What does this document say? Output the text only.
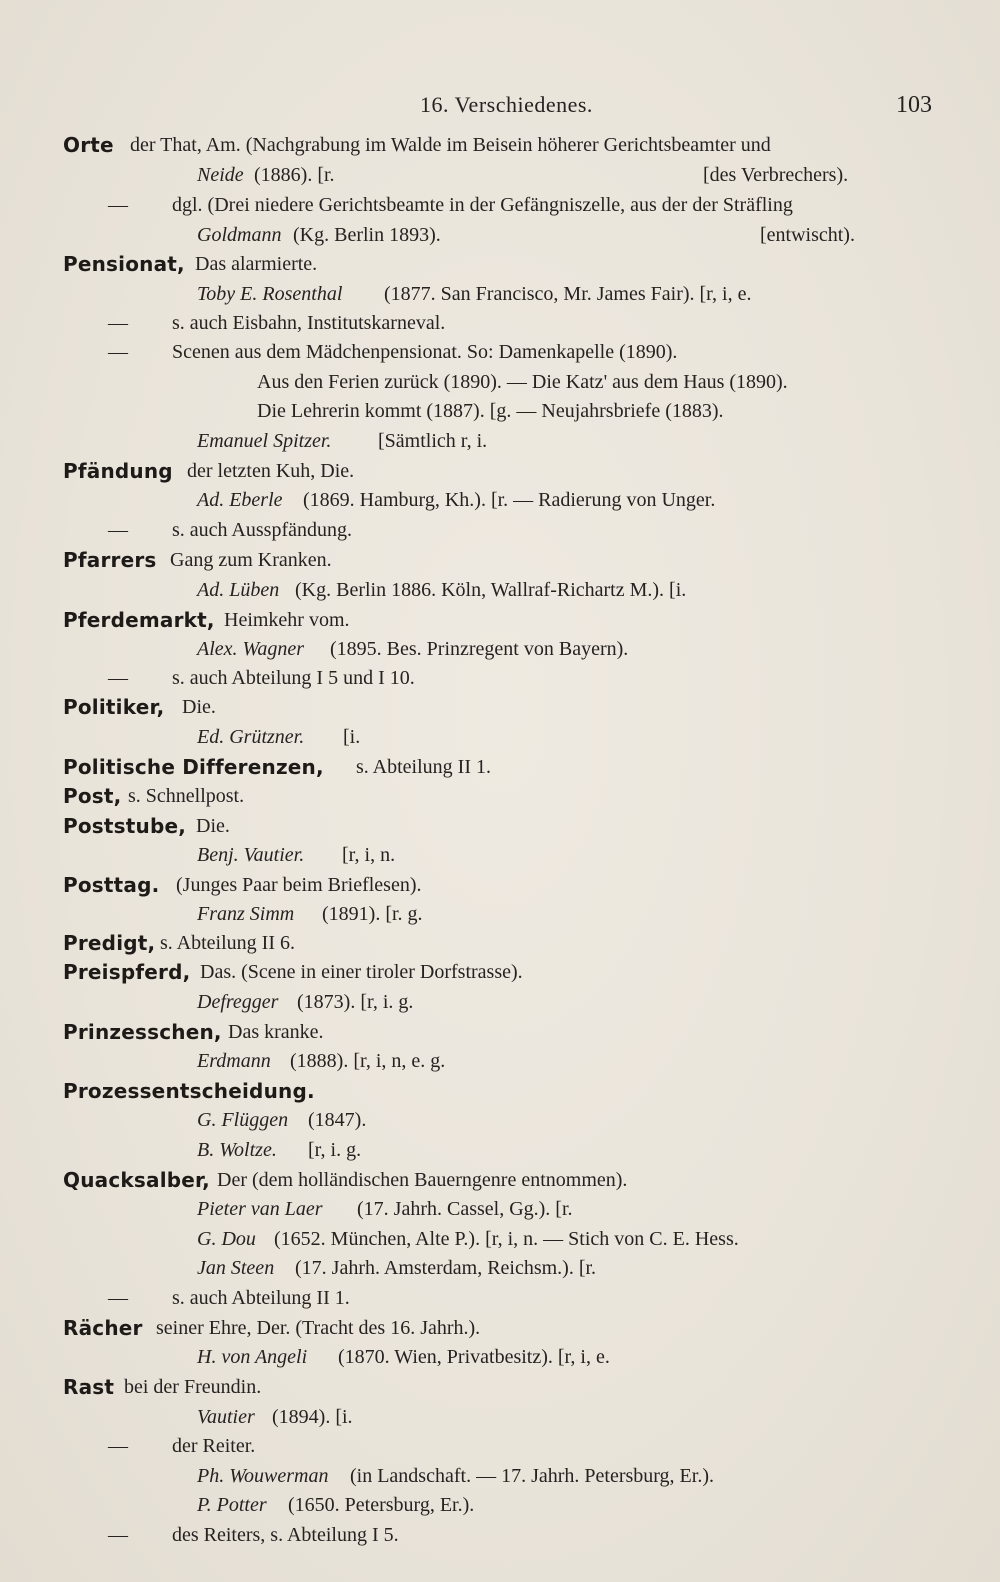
16. Verschiedenes.	103
Orte der That, Am. (Nachgrabung im Walde im Beisein höherer Gerichtsbeamter und
Neide (1886). [r.	[des Verbrechers).
— dgl. (Drei niedere Gerichtsbeamte in der Gefängniszelle, aus der der Sträfling
Goldmann (Kg. Berlin 1893).	[entwischt).
Pensionat, Das alarmierte.
Toby E. Rosenthal (1877. San Francisco, Mr. James Fair). [r, i, e.
— s. auch Eisbahn, Institutskarneval.
— Scenen aus dem Mädchenpensionat. So: Damenkapelle (1890).
Aus den Ferien zurück (1890). — Die Katz' aus dem Haus (1890).
Die Lehrerin kommt (1887). [g. — Neujahrsbriefe (1883).
Emanuel Spitzer. [Sämtlich r, i.
Pfändung der letzten Kuh, Die.
Ad. Eberle (1869. Hamburg, Kh.). [r. — Radierung von Unger.
— s. auch Ausspfändung.
Pfarrers Gang zum Kranken.
Ad. Lüben (Kg. Berlin 1886. Köln, Wallraf-Richartz M.). [i.
Pferdemarkt, Heimkehr vom.
Alex. Wagner (1895. Bes. Prinzregent von Bayern).
— s. auch Abteilung I 5 und I 10.
Politiker, Die.
Ed. Grützner. [i.
Politische Differenzen, s. Abteilung II 1.
Post, s. Schnellpost.
Poststube, Die.
Benj. Vautier. [r, i, n.
Posttag. (Junges Paar beim Brieflesen).
Franz Simm (1891). [r. g.
Predigt, s. Abteilung II 6.
Preispferd, Das. (Scene in einer tiroler Dorfstrasse).
Defregger (1873). [r, i. g.
Prinzesschen, Das kranke.
Erdmann (1888). [r, i, n, e. g.
Prozessentscheidung.
G. Flüggen (1847).
B. Woltze. [r, i. g.
Quacksalber, Der (dem holländischen Bauerngenre entnommen).
Pieter van Laer (17. Jahrh. Cassel, Gg.). [r.
G. Dou (1652. München, Alte P.). [r, i, n. — Stich von C. E. Hess.
Jan Steen (17. Jahrh. Amsterdam, Reichsm.). [r.
— s. auch Abteilung II 1.
Rächer seiner Ehre, Der. (Tracht des 16. Jahrh.).
H. von Angeli (1870. Wien, Privatbesitz). [r, i, e.
Rast bei der Freundin.
Vautier (1894). [i.
— der Reiter.
Ph. Wouwerman (in Landschaft. — 17. Jahrh. Petersburg, Er.).
P. Potter (1650. Petersburg, Er.).
— des Reiters, s. Abteilung I 5.
